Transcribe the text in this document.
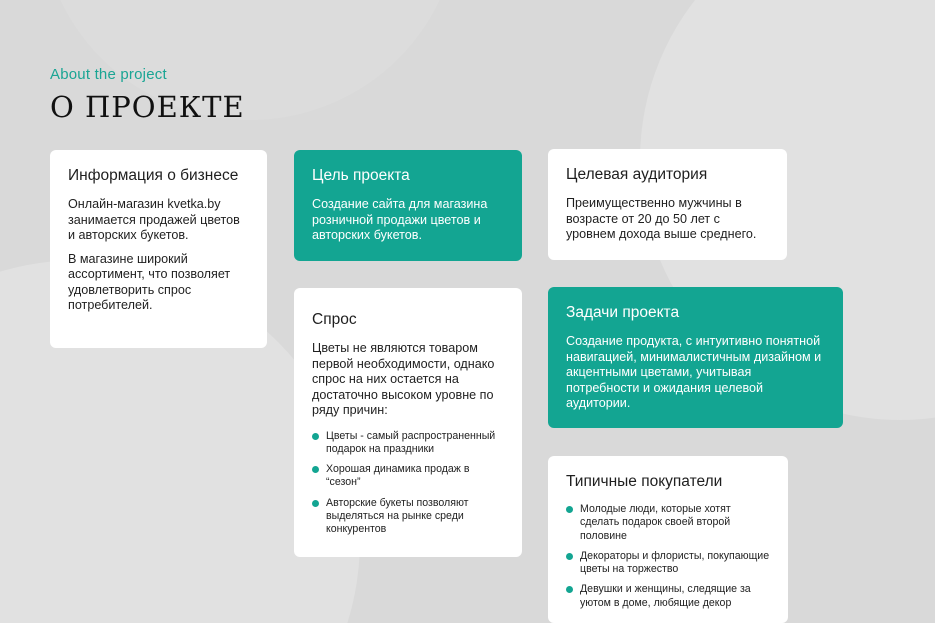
About the project
О ПРОЕКТЕ
Информация о бизнесе

Онлайн-магазин kvetka.by занимается продажей цветов и авторских букетов.

В магазине широкий ассортимент, что позволяет удовлетворить спрос потребителей.

Цель проекта

Создание сайта для магазина розничной продажи цветов и авторских букетов.

Целевая аудитория

Преимущественно мужчины в возрасте от 20 до 50 лет с уровнем дохода выше среднего.

Спрос

Цветы не являются товаром первой необходимости, однако спрос на них остается на достаточно высоком уровне по ряду причин:

Цветы - самый распространенный подарок на праздники
Хорошая динамика продаж в “сезон”
Авторские букеты позволяют выделяться на рынке среди конкурентов
Задачи проекта

Создание продукта, с интуитивно понятной навигацией, минималистичным дизайном и акцентными цветами, учитывая потребности и ожидания целевой аудитории.

Типичные покупатели
Молодые люди, которые хотят сделать подарок своей второй половине
Декораторы и флористы, покупающие цветы на торжество
Девушки и женщины, следящие за уютом в доме, любящие декор
